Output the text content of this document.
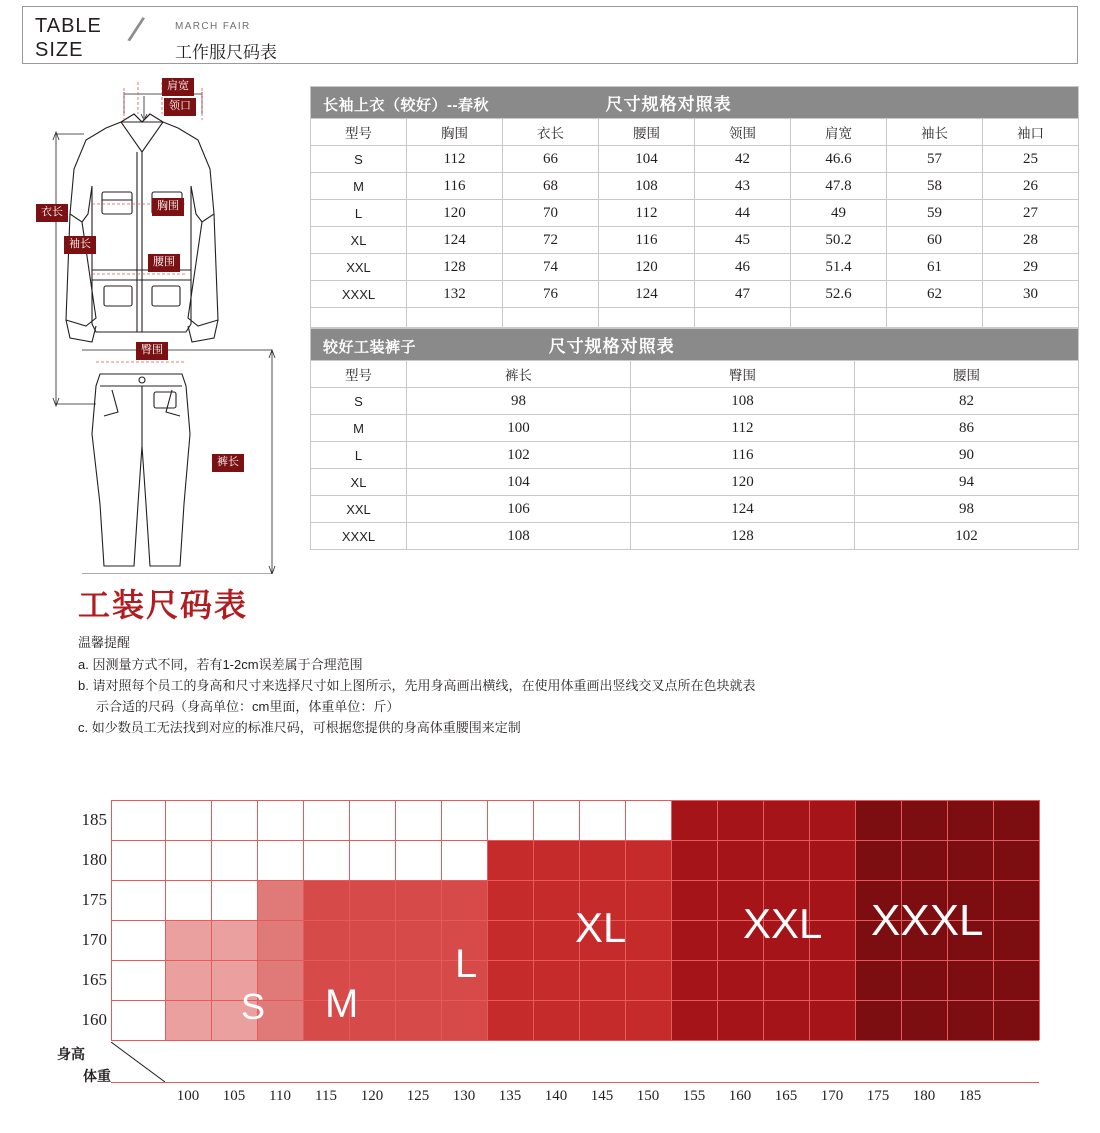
TABLE
SIZE /	MARCH FAIR
工作服尺码表
肩宽
领口
衣长	胸围
袖长
腰围
臀围
裤长
长袖上衣（较好）--春秋 尺寸规格对照表							
型号	胸围	衣长	腰围	领围	肩宽	袖长	袖口
S	112	66	104	42	46.6	57	25
M	116	68	108	43	47.8	58	26
L	120	70	112	44	49	59	27
XL	124	72	116	45	50.2	60	28
XXL	128	74	120	46	51.4	61	29
XXXL	132	76	124	47	52.6	62	30

较好工装裤子 尺寸规格对照表			
型号	裤长	臀围	腰围
S	98	108	82
M	100	112	86
L	102	116	90
XL	104	120	94
XXL	106	124	98
XXXL	108	128	102
工装尺码表
温馨提醒

a. 因测量方式不同，若有1-2cm误差属于合理范围

b. 请对照每个员工的身高和尺寸来选择尺寸如上图所示，先用身高画出横线，在使用体重画出竖线交叉点所在色块就表

示合适的尺码（身高单位：cm里面，体重单位：斤）

c. 如少数员工无法找到对应的标准尺码，可根据您提供的身高体重腰围来定制

S M
L
XL	XXL XXXL
185
180
175
170
165
160
身高
体重
100	105	110	115	120	125	130	135	140	145	150	155	160	165	170	175	180	185
